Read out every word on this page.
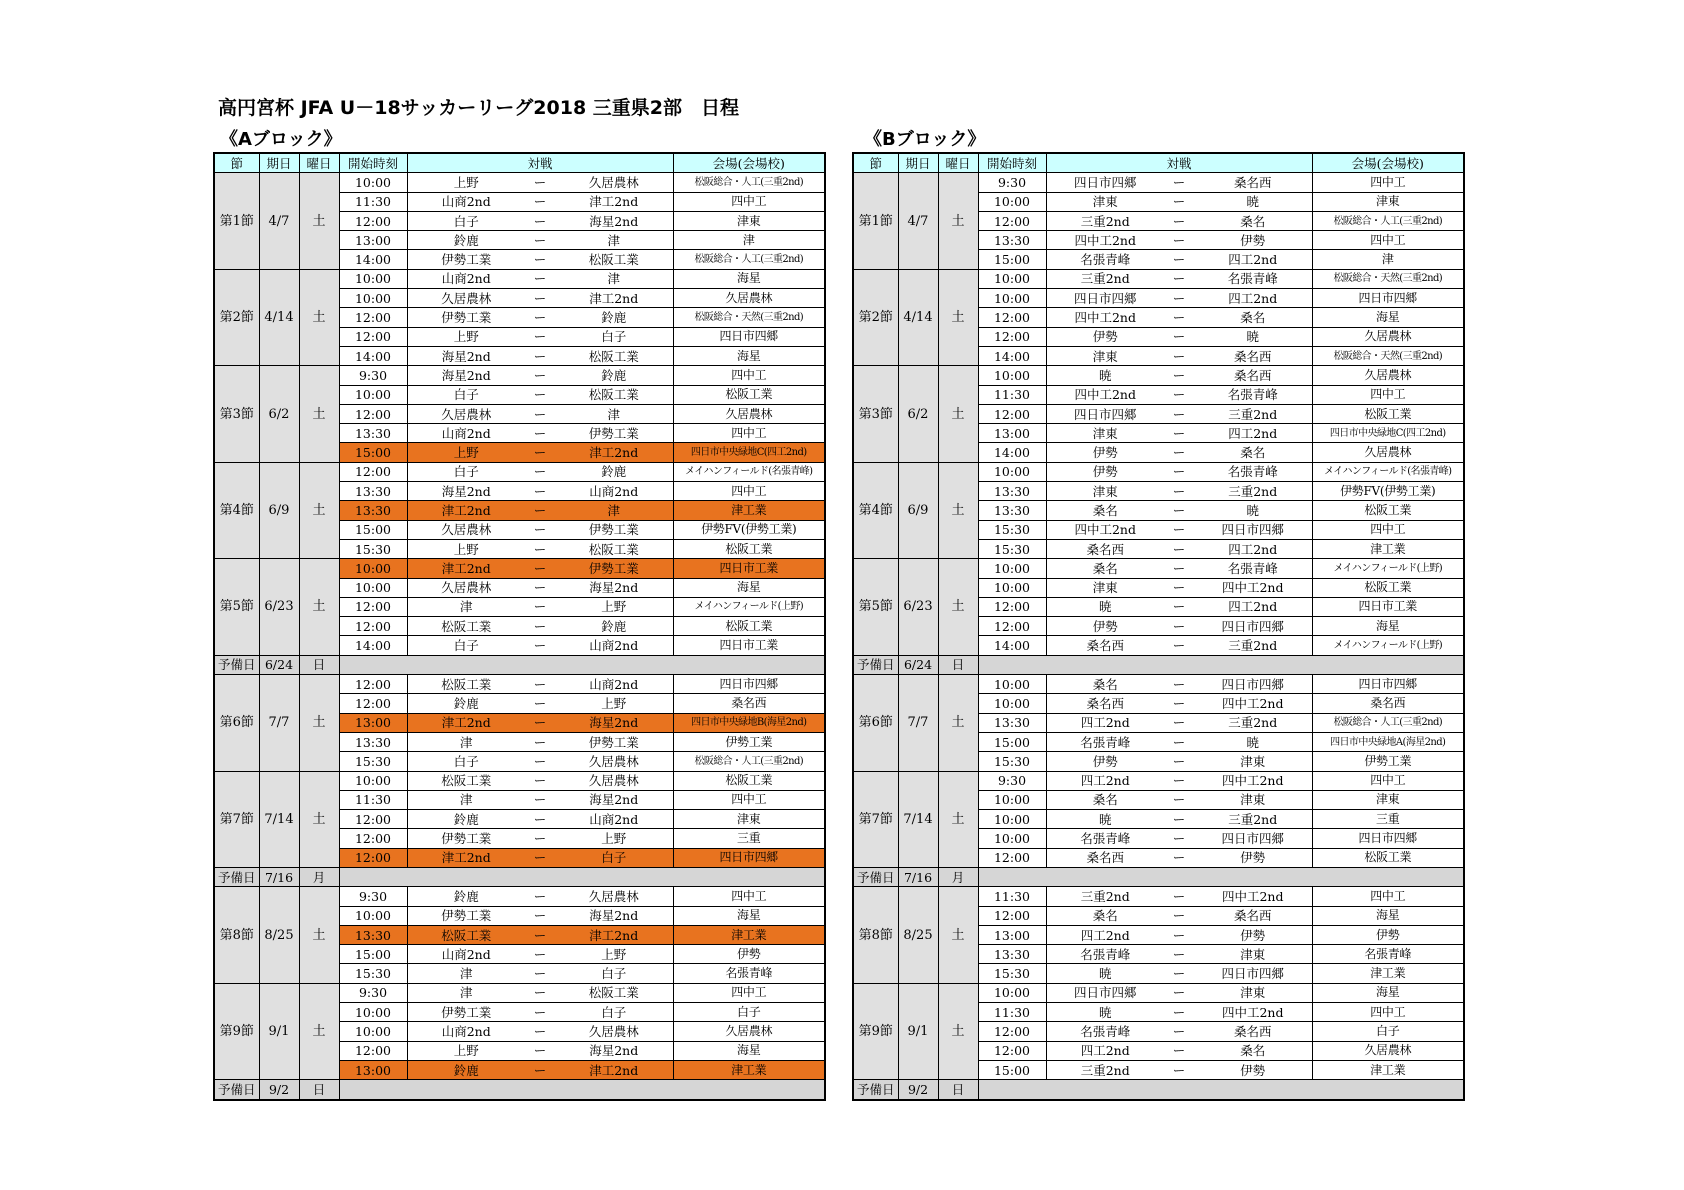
高円宮杯 JFA U－18サッカーリーグ2018 三重県2部　日程
《Aブロック》	《Bブロック》
節	期日	曜日	開始時刻	対戦			会場(会場校)
第1節	4/7	土	10:00	上野	ー	久居農林	松阪総合・人工(三重2nd)
			11:30	山商2nd	ー	津工2nd	四中工
			12:00	白子	ー	海星2nd	津東
			13:00	鈴鹿	ー	津	津
			14:00	伊勢工業	ー	松阪工業	松阪総合・人工(三重2nd)
第2節	4/14	土	10:00	山商2nd	ー	津	海星
			10:00	久居農林	ー	津工2nd	久居農林
			12:00	伊勢工業	ー	鈴鹿	松阪総合・天然(三重2nd)
			12:00	上野	ー	白子	四日市四郷
			14:00	海星2nd	ー	松阪工業	海星
第3節	6/2	土	9:30	海星2nd	ー	鈴鹿	四中工
			10:00	白子	ー	松阪工業	松阪工業
			12:00	久居農林	ー	津	久居農林
			13:30	山商2nd	ー	伊勢工業	四中工
			15:00	上野	ー	津工2nd	四日市中央緑地C(四工2nd)
第4節	6/9	土	12:00	白子	ー	鈴鹿	メイハンフィールド(名張青峰)
			13:30	海星2nd	ー	山商2nd	四中工
			13:30	津工2nd	ー	津	津工業
			15:00	久居農林	ー	伊勢工業	伊勢FV(伊勢工業)
			15:30	上野	ー	松阪工業	松阪工業
第5節	6/23	土	10:00	津工2nd	ー	伊勢工業	四日市工業
			10:00	久居農林	ー	海星2nd	海星
			12:00	津	ー	上野	メイハンフィールド(上野)
			12:00	松阪工業	ー	鈴鹿	松阪工業
			14:00	白子	ー	山商2nd	四日市工業
予備日	6/24	日					
第6節	7/7	土	12:00	松阪工業	ー	山商2nd	四日市四郷
			12:00	鈴鹿	ー	上野	桑名西
			13:00	津工2nd	ー	海星2nd	四日市中央緑地B(海星2nd)
			13:30	津	ー	伊勢工業	伊勢工業
			15:30	白子	ー	久居農林	松阪総合・人工(三重2nd)
第7節	7/14	土	10:00	松阪工業	ー	久居農林	松阪工業
			11:30	津	ー	海星2nd	四中工
			12:00	鈴鹿	ー	山商2nd	津東
			12:00	伊勢工業	ー	上野	三重
			12:00	津工2nd	ー	白子	四日市四郷
予備日	7/16	月					
第8節	8/25	土	9:30	鈴鹿	ー	久居農林	四中工
			10:00	伊勢工業	ー	海星2nd	海星
			13:30	松阪工業	ー	津工2nd	津工業
			15:00	山商2nd	ー	上野	伊勢
			15:30	津	ー	白子	名張青峰
第9節	9/1	土	9:30	津	ー	松阪工業	四中工
			10:00	伊勢工業	ー	白子	白子
			10:00	山商2nd	ー	久居農林	久居農林
			12:00	上野	ー	海星2nd	海星
			13:00	鈴鹿	ー	津工2nd	津工業
予備日	9/2	日					
節	期日	曜日	開始時刻	対戦			会場(会場校)
第1節	4/7	土	9:30	四日市四郷	ー	桑名西	四中工
			10:00	津東	ー	暁	津東
			12:00	三重2nd	ー	桑名	松阪総合・人工(三重2nd)
			13:30	四中工2nd	ー	伊勢	四中工
			15:00	名張青峰	ー	四工2nd	津
第2節	4/14	土	10:00	三重2nd	ー	名張青峰	松阪総合・天然(三重2nd)
			10:00	四日市四郷	ー	四工2nd	四日市四郷
			12:00	四中工2nd	ー	桑名	海星
			12:00	伊勢	ー	暁	久居農林
			14:00	津東	ー	桑名西	松阪総合・天然(三重2nd)
第3節	6/2	土	10:00	暁	ー	桑名西	久居農林
			11:30	四中工2nd	ー	名張青峰	四中工
			12:00	四日市四郷	ー	三重2nd	松阪工業
			13:00	津東	ー	四工2nd	四日市中央緑地C(四工2nd)
			14:00	伊勢	ー	桑名	久居農林
第4節	6/9	土	10:00	伊勢	ー	名張青峰	メイハンフィールド(名張青峰)
			13:30	津東	ー	三重2nd	伊勢FV(伊勢工業)
			13:30	桑名	ー	暁	松阪工業
			15:30	四中工2nd	ー	四日市四郷	四中工
			15:30	桑名西	ー	四工2nd	津工業
第5節	6/23	土	10:00	桑名	ー	名張青峰	メイハンフィールド(上野)
			10:00	津東	ー	四中工2nd	松阪工業
			12:00	暁	ー	四工2nd	四日市工業
			12:00	伊勢	ー	四日市四郷	海星
			14:00	桑名西	ー	三重2nd	メイハンフィールド(上野)
予備日	6/24	日					
第6節	7/7	土	10:00	桑名	ー	四日市四郷	四日市四郷
			10:00	桑名西	ー	四中工2nd	桑名西
			13:30	四工2nd	ー	三重2nd	松阪総合・人工(三重2nd)
			15:00	名張青峰	ー	暁	四日市中央緑地A(海星2nd)
			15:30	伊勢	ー	津東	伊勢工業
第7節	7/14	土	9:30	四工2nd	ー	四中工2nd	四中工
			10:00	桑名	ー	津東	津東
			10:00	暁	ー	三重2nd	三重
			10:00	名張青峰	ー	四日市四郷	四日市四郷
			12:00	桑名西	ー	伊勢	松阪工業
予備日	7/16	月					
第8節	8/25	土	11:30	三重2nd	ー	四中工2nd	四中工
			12:00	桑名	ー	桑名西	海星
			13:00	四工2nd	ー	伊勢	伊勢
			13:30	名張青峰	ー	津東	名張青峰
			15:30	暁	ー	四日市四郷	津工業
第9節	9/1	土	10:00	四日市四郷	ー	津東	海星
			11:30	暁	ー	四中工2nd	四中工
			12:00	名張青峰	ー	桑名西	白子
			12:00	四工2nd	ー	桑名	久居農林
			15:00	三重2nd	ー	伊勢	津工業
予備日	9/2	日					
